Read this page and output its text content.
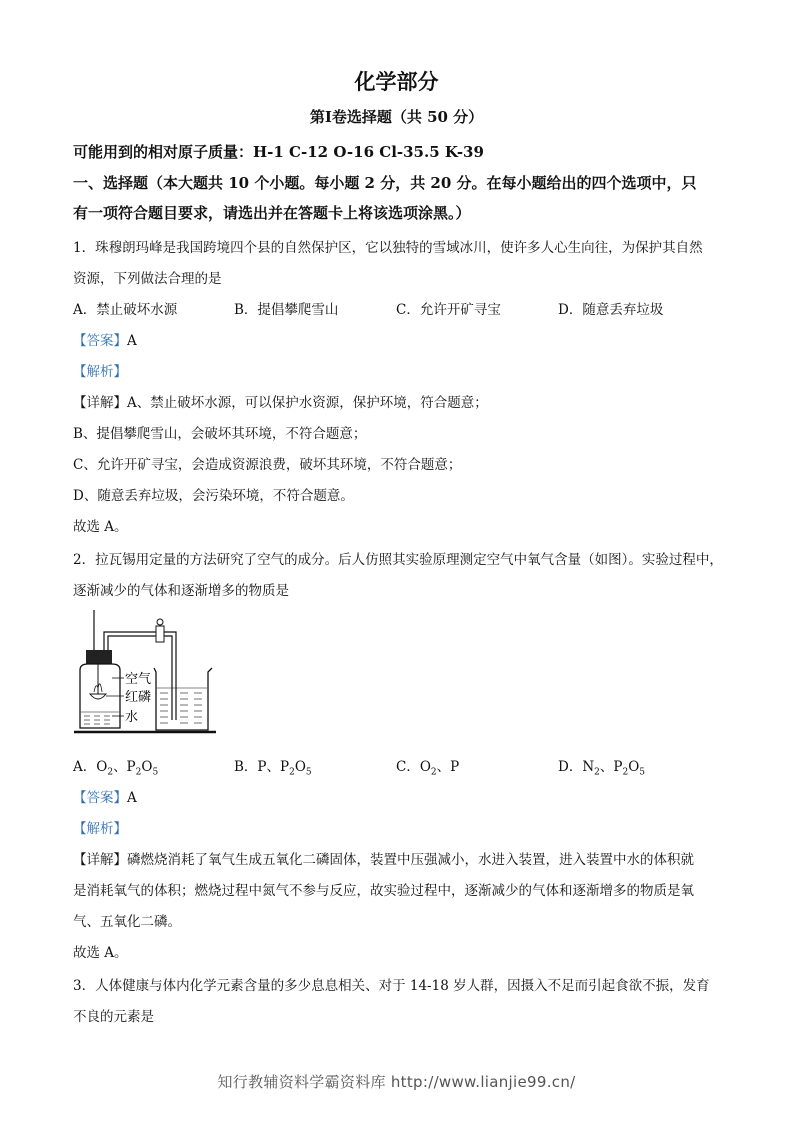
化学部分
第Ⅰ卷选择题（共 50 分）
可能用到的相对原子质量：H-1 C-12 O-16 Cl-35.5 K-39
一、选择题（本大题共 10 个小题。每小题 2 分，共 20 分。在每小题给出的四个选项中，只
有一项符合题目要求，请选出并在答题卡上将该选项涂黑。）
1．珠穆朗玛峰是我国跨境四个县的自然保护区，它以独特的雪域冰川，使许多人心生向往，为保护其自然
资源，下列做法合理的是
A．禁止破坏水源	B．提倡攀爬雪山	C．允许开矿寻宝	D．随意丢弃垃圾
【答案】A
【解析】
【详解】A、禁止破坏水源，可以保护水资源，保护环境，符合题意；
B、提倡攀爬雪山，会破坏其环境，不符合题意；
C、允许开矿寻宝，会造成资源浪费，破坏其环境，不符合题意；
D、随意丢弃垃圾，会污染环境，不符合题意。
故选 A。
2．拉瓦锡用定量的方法研究了空气的成分。后人仿照其实验原理测定空气中氧气含量（如图）。实验过程中，
逐渐减少的气体和逐渐增多的物质是
空气
红磷
水
A．$O_2$、$P_2O_5$	B．P、$P_2O_5$	C．$O_2$、P	D．$N_2$、$P_2O_5$
【答案】A
【解析】
【详解】磷燃烧消耗了氧气生成五氧化二磷固体，装置中压强减小，水进入装置，进入装置中水的体积就
是消耗氧气的体积；燃烧过程中氮气不参与反应，故实验过程中，逐渐减少的气体和逐渐增多的物质是氧
气、五氧化二磷。
故选 A。
3．人体健康与体内化学元素含量的多少息息相关、对于 14-18 岁人群，因摄入不足而引起食欲不振，发育
不良的元素是
知行教辅资料学霸资料库 http://www.lianjie99.cn/
